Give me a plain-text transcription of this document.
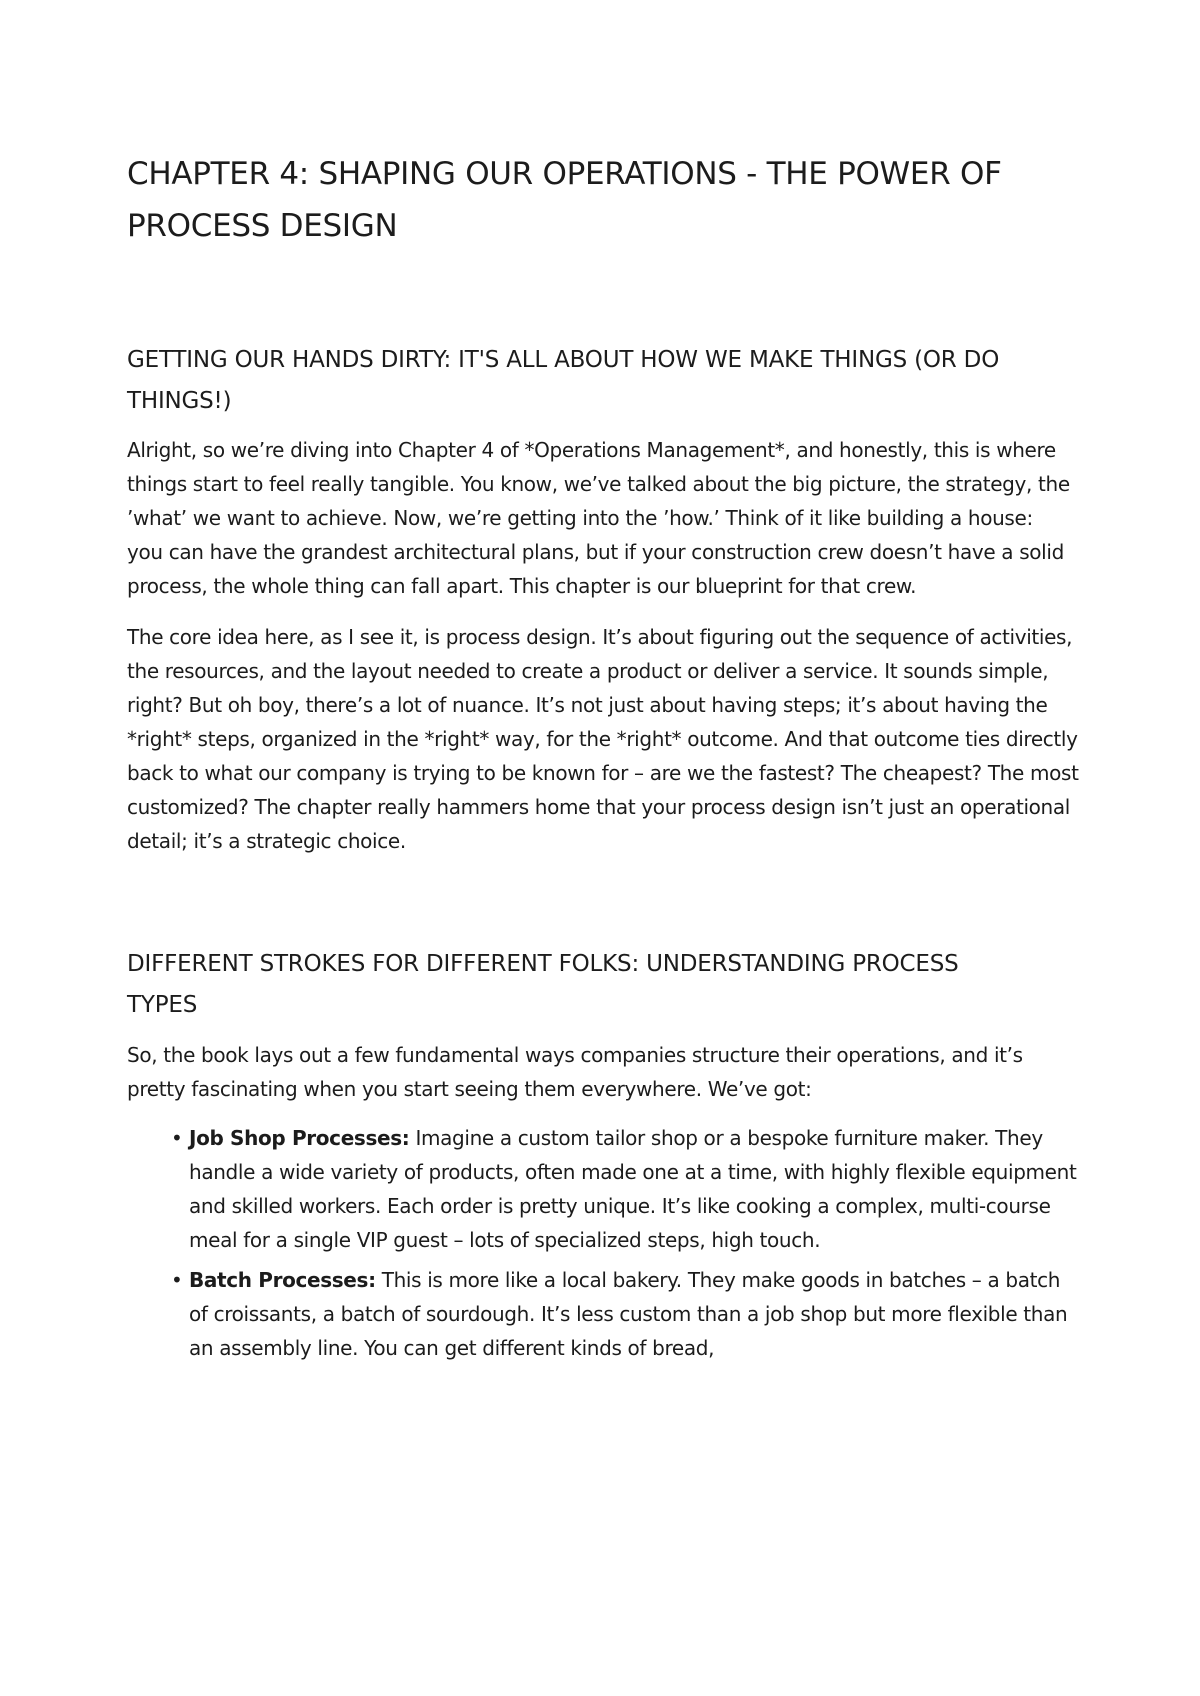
CHAPTER 4: SHAPING OUR OPERATIONS - THE POWER OF PROCESS DESIGN
GETTING OUR HANDS DIRTY: IT'S ALL ABOUT HOW WE MAKE THINGS (OR DO THINGS!)

Alright, so we’re diving into Chapter 4 of *Operations Management*, and honestly, this is where things start to feel really tangible. You know, we’ve talked about the big picture, the strategy, the ’what’ we want to achieve. Now, we’re getting into the ’how.’ Think of it like building a house: you can have the grandest architectural plans, but if your construction crew doesn’t have a solid process, the whole thing can fall apart. This chapter is our blueprint for that crew.

The core idea here, as I see it, is process design. It’s about figuring out the sequence of activities, the resources, and the layout needed to create a product or deliver a service. It sounds simple, right? But oh boy, there’s a lot of nuance. It’s not just about having steps; it’s about having the *right* steps, organized in the *right* way, for the *right* outcome. And that outcome ties directly back to what our company is trying to be known for – are we the fastest? The cheapest? The most customized? The chapter really hammers home that your process design isn’t just an operational detail; it’s a strategic choice.

DIFFERENT STROKES FOR DIFFERENT FOLKS: UNDERSTANDING PROCESS TYPES

So, the book lays out a few fundamental ways companies structure their operations, and it’s pretty fascinating when you start seeing them everywhere. We’ve got:

• Job Shop Processes: Imagine a custom tailor shop or a bespoke furniture maker. They handle a wide variety of products, often made one at a time, with highly flexible equipment and skilled workers. Each order is pretty unique. It’s like cooking a complex, multi-course meal for a single VIP guest – lots of specialized steps, high touch.
• Batch Processes: This is more like a local bakery. They make goods in batches – a batch of croissants, a batch of sourdough. It’s less custom than a job shop but more flexible than an assembly line. You can get different kinds of bread,
